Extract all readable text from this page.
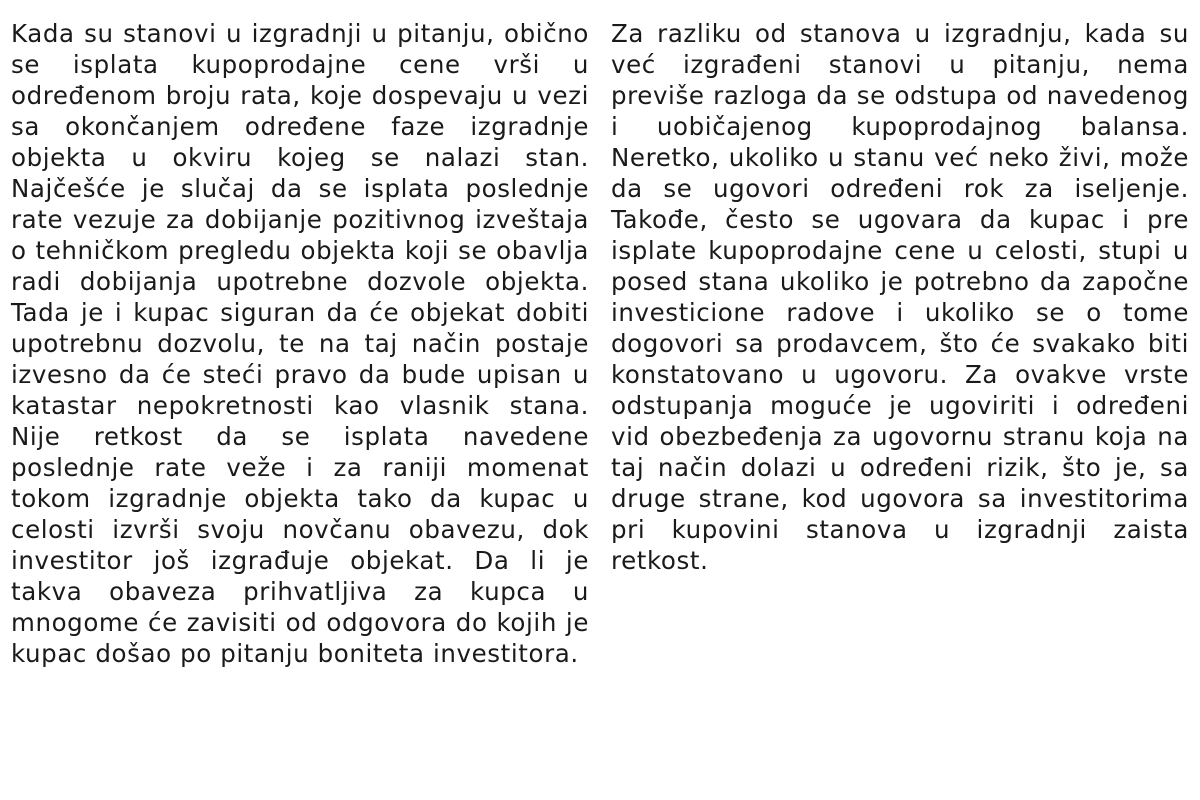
Kada su stanovi u izgradnji u pitanju, obično se isplata kupoprodajne cene vrši u određenom broju rata, koje dospevaju u vezi sa okončanjem određene faze izgradnje objekta u okviru kojeg se nalazi stan. Najčešće je slučaj da se isplata poslednje rate vezuje za dobijanje pozitivnog izveštaja o tehničkom pregledu objekta koji se obavlja radi dobijanja upotrebne dozvole objekta. Tada je i kupac siguran da će objekat dobiti upotrebnu dozvolu, te na taj način postaje izvesno da će steći pravo da bude upisan u katastar nepokretnosti kao vlasnik stana. Nije retkost da se isplata navedene poslednje rate veže i za raniji momenat tokom izgradnje objekta tako da kupac u celosti izvrši svoju novčanu obavezu, dok investitor još izgrađuje objekat. Da li je takva obaveza prihvatljiva za kupca u mnogome će zavisiti od odgovora do kojih je kupac došao po pitanju boniteta investitora.

Za razliku od stanova u izgradnju, kada su već izgrađeni stanovi u pitanju, nema previše razloga da se odstupa od navedenog i uobičajenog kupoprodajnog balansa. Neretko, ukoliko u stanu već neko živi, može da se ugovori određeni rok za iseljenje. Takođe, često se ugovara da kupac i pre isplate kupoprodajne cene u celosti, stupi u posed stana ukoliko je potrebno da započne investicione radove i ukoliko se o tome dogovori sa prodavcem, što će svakako biti konstatovano u ugovoru. Za ovakve vrste odstupanja moguće je ugoviriti i određeni vid obezbeđenja za ugovornu stranu koja na taj način dolazi u određeni rizik, što je, sa druge strane, kod ugovora sa investitorima pri kupovini stanova u izgradnji zaista retkost.
